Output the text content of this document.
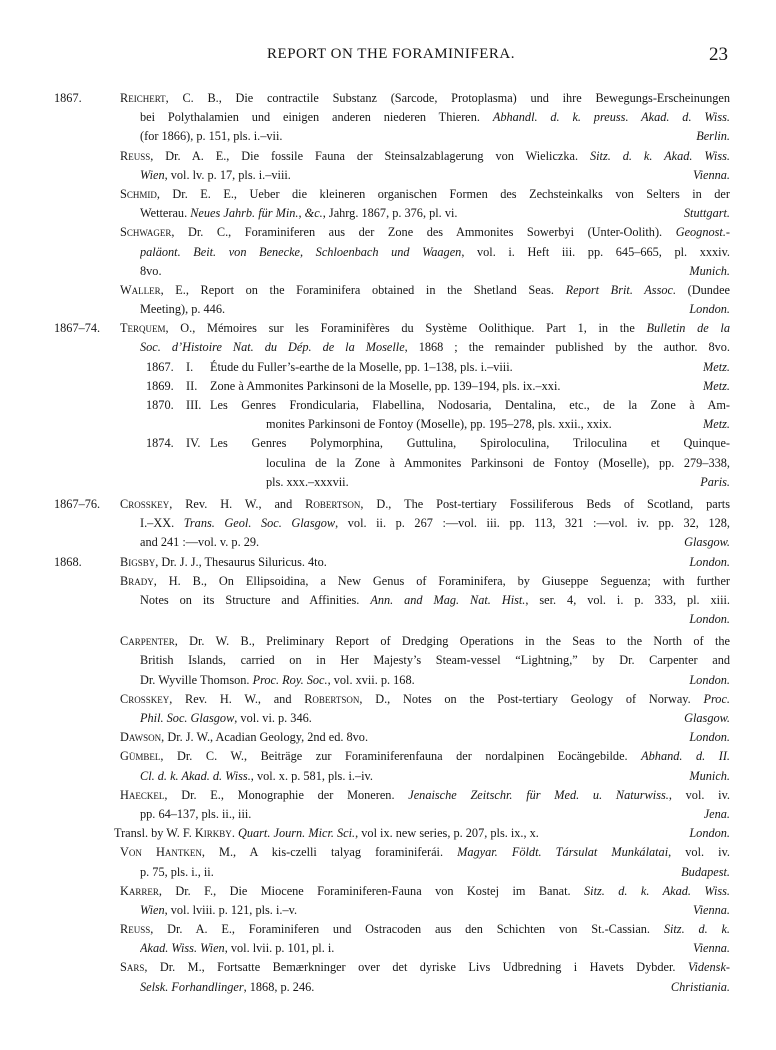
REPORT ON THE FORAMINIFERA.	23
1867.	Reichert, C. B., Die contractile Substanz (Sarcode, Protoplasma) und ihre Bewegungs-Erscheinungen
bei Polythalamien und einigen anderen niederen Thieren. Abhandl. d. k. preuss. Akad. d. Wiss.
(for 1866), p. 151, pls. i.–vii.	Berlin.
Reuss, Dr. A. E., Die fossile Fauna der Steinsalzablagerung von Wieliczka. Sitz. d. k. Akad. Wiss.
Wien, vol. lv. p. 17, pls. i.–viii.	Vienna.
Schmid, Dr. E. E., Ueber die kleineren organischen Formen des Zechsteinkalks von Selters in der
Wetterau. Neues Jahrb. für Min., &c., Jahrg. 1867, p. 376, pl. vi.	Stuttgart.
Schwager, Dr. C., Foraminiferen aus der Zone des Ammonites Sowerbyi (Unter-Oolith). Geognost.-
paläont. Beit. von Benecke, Schloenbach und Waagen, vol. i. Heft iii. pp. 645–665, pl. xxxiv.
8vo.	Munich.
Waller, E., Report on the Foraminifera obtained in the Shetland Seas. Report Brit. Assoc. (Dundee
Meeting), p. 446.	London.
1867–74. Terquem, O., Mémoires sur les Foraminifères du Système Oolithique. Part 1, in the Bulletin de la
Soc. d’Histoire Nat. du Dép. de la Moselle, 1868 ; the remainder published by the author. 8vo.
1867. I. Étude du Fuller’s-earthe de la Moselle, pp. 1–138, pls. i.–viii.	Metz.
1869. II. Zone à Ammonites Parkinsoni de la Moselle, pp. 139–194, pls. ix.–xxi.	Metz.
1870. III. Les Genres Frondicularia, Flabellina, Nodosaria, Dentalina, etc., de la Zone à Am-
monites Parkinsoni de Fontoy (Moselle), pp. 195–278, pls. xxii., xxix.	Metz.
1874. IV. Les Genres Polymorphina, Guttulina, Spiroloculina, Triloculina et Quinque-
loculina de la Zone à Ammonites Parkinsoni de Fontoy (Moselle), pp. 279–338,
pls. xxx.–xxxvii.	Paris.
1867–76. Crosskey, Rev. H. W., and Robertson, D., The Post-tertiary Fossiliferous Beds of Scotland, parts
I.–XX. Trans. Geol. Soc. Glasgow, vol. ii. p. 267 :—vol. iii. pp. 113, 321 :—vol. iv. pp. 32, 128,
and 241 :—vol. v. p. 29.	Glasgow.
1868.	Bigsby, Dr. J. J., Thesaurus Siluricus. 4to.	London.
Brady, H. B., On Ellipsoidina, a New Genus of Foraminifera, by Giuseppe Seguenza; with further
Notes on its Structure and Affinities. Ann. and Mag. Nat. Hist., ser. 4, vol. i. p. 333, pl. xiii.
London.
Carpenter, Dr. W. B., Preliminary Report of Dredging Operations in the Seas to the North of the
British Islands, carried on in Her Majesty’s Steam-vessel “Lightning,” by Dr. Carpenter and
Dr. Wyville Thomson. Proc. Roy. Soc., vol. xvii. p. 168.	London.
Crosskey, Rev. H. W., and Robertson, D., Notes on the Post-tertiary Geology of Norway. Proc.
Phil. Soc. Glasgow, vol. vi. p. 346.	Glasgow.
Dawson, Dr. J. W., Acadian Geology, 2nd ed. 8vo.	London.
Gümbel, Dr. C. W., Beiträge zur Foraminiferenfauna der nordalpinen Eocängebilde. Abhand. d. II.
Cl. d. k. Akad. d. Wiss., vol. x. p. 581, pls. i.–iv.	Munich.
Haeckel, Dr. E., Monographie der Moneren. Jenaische Zeitschr. für Med. u. Naturwiss., vol. iv.
pp. 64–137, pls. ii., iii.	Jena.
Transl. by W. F. Kirkby. Quart. Journ. Micr. Sci., vol ix. new series, p. 207, pls. ix., x.	London.
Von Hantken, M., A kis-czelli talyag foraminiferái. Magyar. Földt. Társulat Munkálatai, vol. iv.
p. 75, pls. i., ii.	Budapest.
Karrer, Dr. F., Die Miocene Foraminiferen-Fauna von Kostej im Banat. Sitz. d. k. Akad. Wiss.
Wien, vol. lviii. p. 121, pls. i.–v.	Vienna.
Reuss, Dr. A. E., Foraminiferen und Ostracoden aus den Schichten von St.-Cassian. Sitz. d. k.
Akad. Wiss. Wien, vol. lvii. p. 101, pl. i.	Vienna.
Sars, Dr. M., Fortsatte Bemærkninger over det dyriske Livs Udbredning i Havets Dybder. Vidensk-
Selsk. Forhandlinger, 1868, p. 246.	Christiania.
